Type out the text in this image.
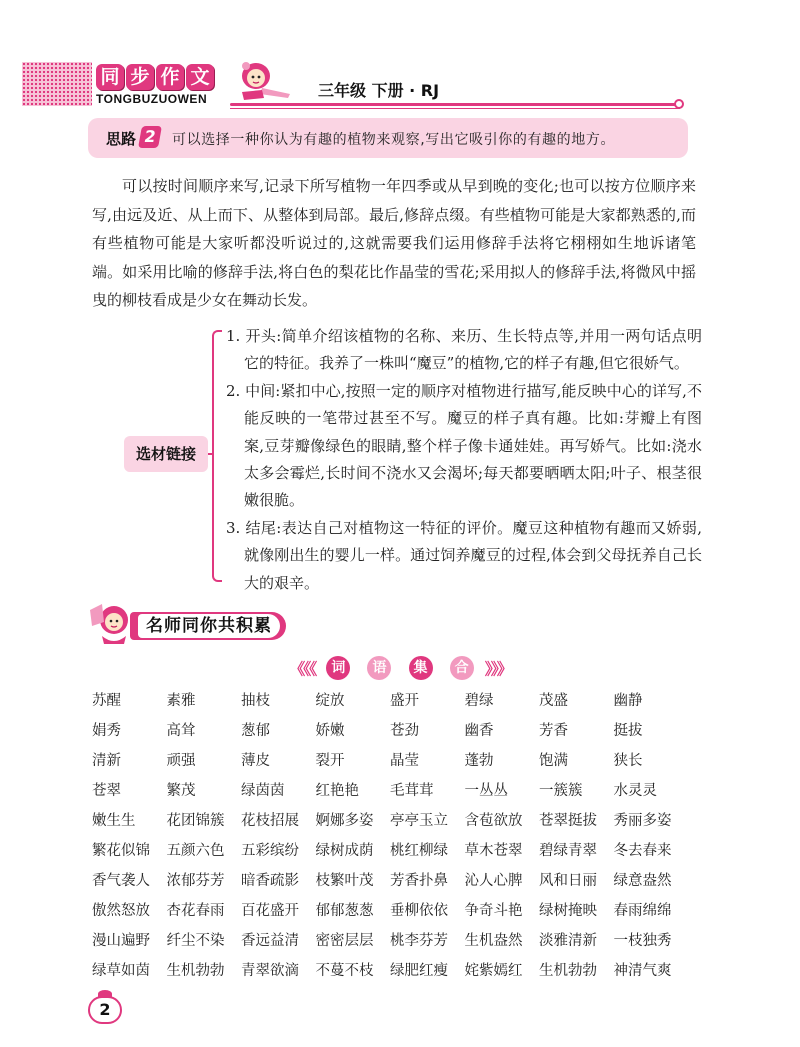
同 步 作 文
TONGBUZUOWEN	三年级 下册 · RJ
思路 2	可以选择一种你认为有趣的植物来观察,写出它吸引你的有趣的地方。

可以按时间顺序来写,记录下所写植物一年四季或从早到晚的变化;也可以按方位顺序来写,由远及近、从上而下、从整体到局部。最后,修辞点缀。有些植物可能是大家都熟悉的,而有些植物可能是大家听都没听说过的,这就需要我们运用修辞手法将它栩栩如生地诉诸笔端。如采用比喻的修辞手法,将白色的梨花比作晶莹的雪花;采用拟人的修辞手法,将微风中摇曳的柳枝看成是少女在舞动长发。

选材链接
1. 开头:简单介绍该植物的名称、来历、生长特点等,并用一两句话点明它的特征。我养了一株叫“魔豆”的植物,它的样子有趣,但它很娇气。
2. 中间:紧扣中心,按照一定的顺序对植物进行描写,能反映中心的详写,不能反映的一笔带过甚至不写。魔豆的样子真有趣。比如:芽瓣上有图案,豆芽瓣像绿色的眼睛,整个样子像卡通娃娃。再写娇气。比如:浇水太多会霉烂,长时间不浇水又会渴坏;每天都要晒晒太阳;叶子、根茎很嫩很脆。
3. 结尾:表达自己对植物这一特征的评价。魔豆这种植物有趣而又娇弱,就像刚出生的婴儿一样。通过饲养魔豆的过程,体会到父母抚养自己长大的艰辛。
名师同你共积累
《《《 词 语 集 合 》》》
苏醒	素雅	抽枝	绽放	盛开	碧绿	茂盛	幽静
娟秀	高耸	葱郁	娇嫩	苍劲	幽香	芳香	挺拔
清新	顽强	薄皮	裂开	晶莹	蓬勃	饱满	狭长
苍翠	繁茂	绿茵茵	红艳艳	毛茸茸	一丛丛	一簇簇	水灵灵
嫩生生	花团锦簇	花枝招展	婀娜多姿	亭亭玉立	含苞欲放	苍翠挺拔	秀丽多姿
繁花似锦	五颜六色	五彩缤纷	绿树成荫	桃红柳绿	草木苍翠	碧绿青翠	冬去春来
香气袭人	浓郁芬芳	暗香疏影	枝繁叶茂	芳香扑鼻	沁人心脾	风和日丽	绿意盎然
傲然怒放	杏花春雨	百花盛开	郁郁葱葱	垂柳依依	争奇斗艳	绿树掩映	春雨绵绵
漫山遍野	纤尘不染	香远益清	密密层层	桃李芬芳	生机盎然	淡雅清新	一枝独秀
绿草如茵	生机勃勃	青翠欲滴	不蔓不枝	绿肥红瘦	姹紫嫣红	生机勃勃	神清气爽
2
